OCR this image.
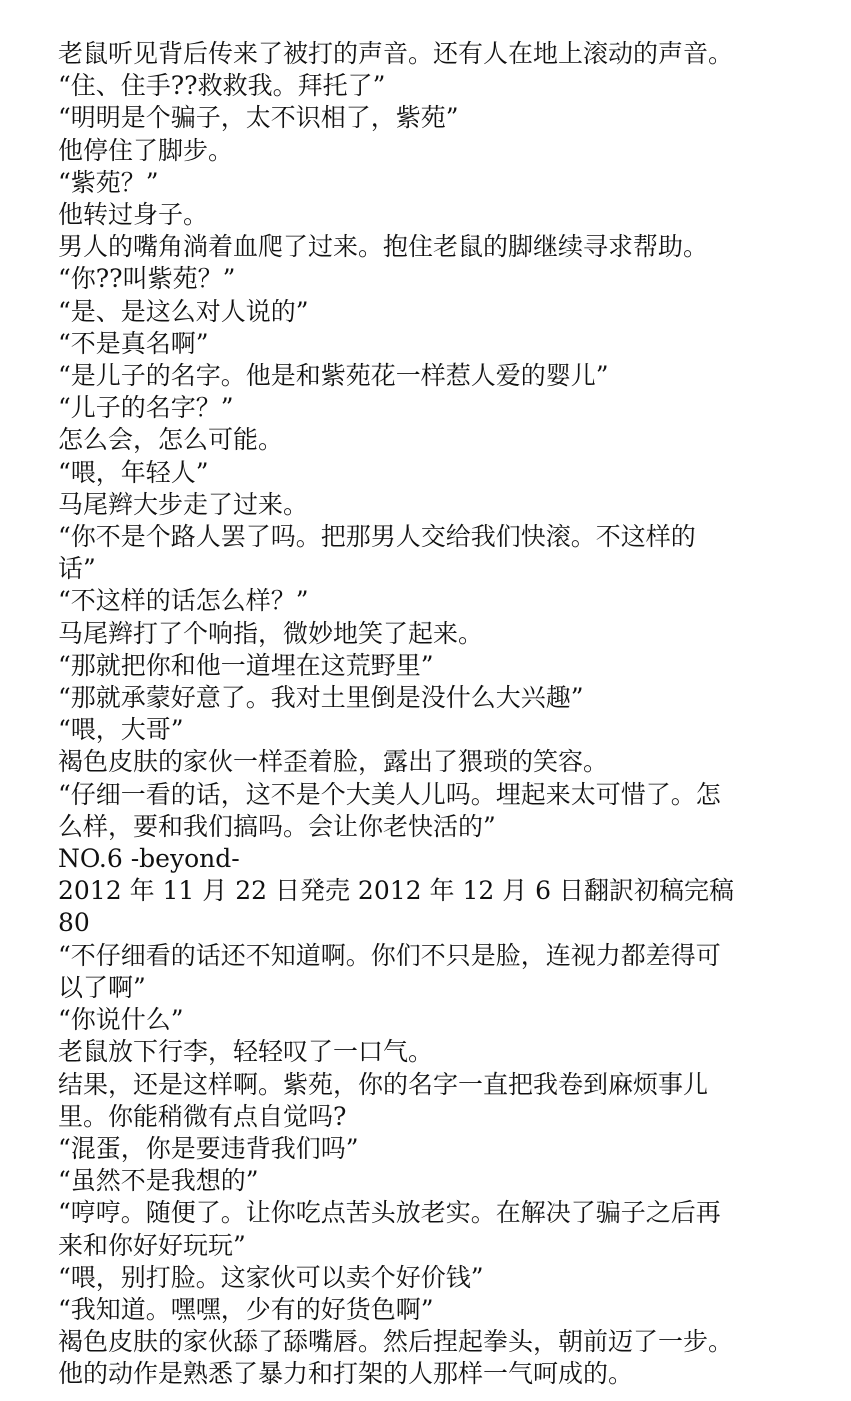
老鼠听见背后传来了被打的声音。还有人在地上滚动的声音。
“住、住手??救救我。拜托了”
“明明是个骗子，太不识相了，紫苑”
他停住了脚步。
“紫苑？”
他转过身子。
男人的嘴角淌着血爬了过来。抱住老鼠的脚继续寻求帮助。
“你??叫紫苑？”
“是、是这么对人说的”
“不是真名啊”
“是儿子的名字。他是和紫苑花一样惹人爱的婴儿”
“儿子的名字？”
怎么会，怎么可能。
“喂，年轻人”
马尾辫大步走了过来。
“你不是个路人罢了吗。把那男人交给我们快滚。不这样的
话”
“不这样的话怎么样？”
马尾辫打了个响指，微妙地笑了起来。
“那就把你和他一道埋在这荒野里”
“那就承蒙好意了。我对土里倒是没什么大兴趣”
“喂，大哥”
褐色皮肤的家伙一样歪着脸，露出了猥琐的笑容。
“仔细一看的话，这不是个大美人儿吗。埋起来太可惜了。怎
么样，要和我们搞吗。会让你老快活的”
NO.6 -beyond-
2012 年 11 月 22 日発売 2012 年 12 月 6 日翻訳初稿完稿
80
“不仔细看的话还不知道啊。你们不只是脸，连视力都差得可
以了啊”
“你说什么”
老鼠放下行李，轻轻叹了一口气。
结果，还是这样啊。紫苑，你的名字一直把我卷到麻烦事儿
里。你能稍微有点自觉吗?
“混蛋，你是要违背我们吗”
“虽然不是我想的”
“哼哼。随便了。让你吃点苦头放老实。在解决了骗子之后再
来和你好好玩玩”
“喂，别打脸。这家伙可以卖个好价钱”
“我知道。嘿嘿，少有的好货色啊”
褐色皮肤的家伙舔了舔嘴唇。然后捏起拳头，朝前迈了一步。
他的动作是熟悉了暴力和打架的人那样一气呵成的。
